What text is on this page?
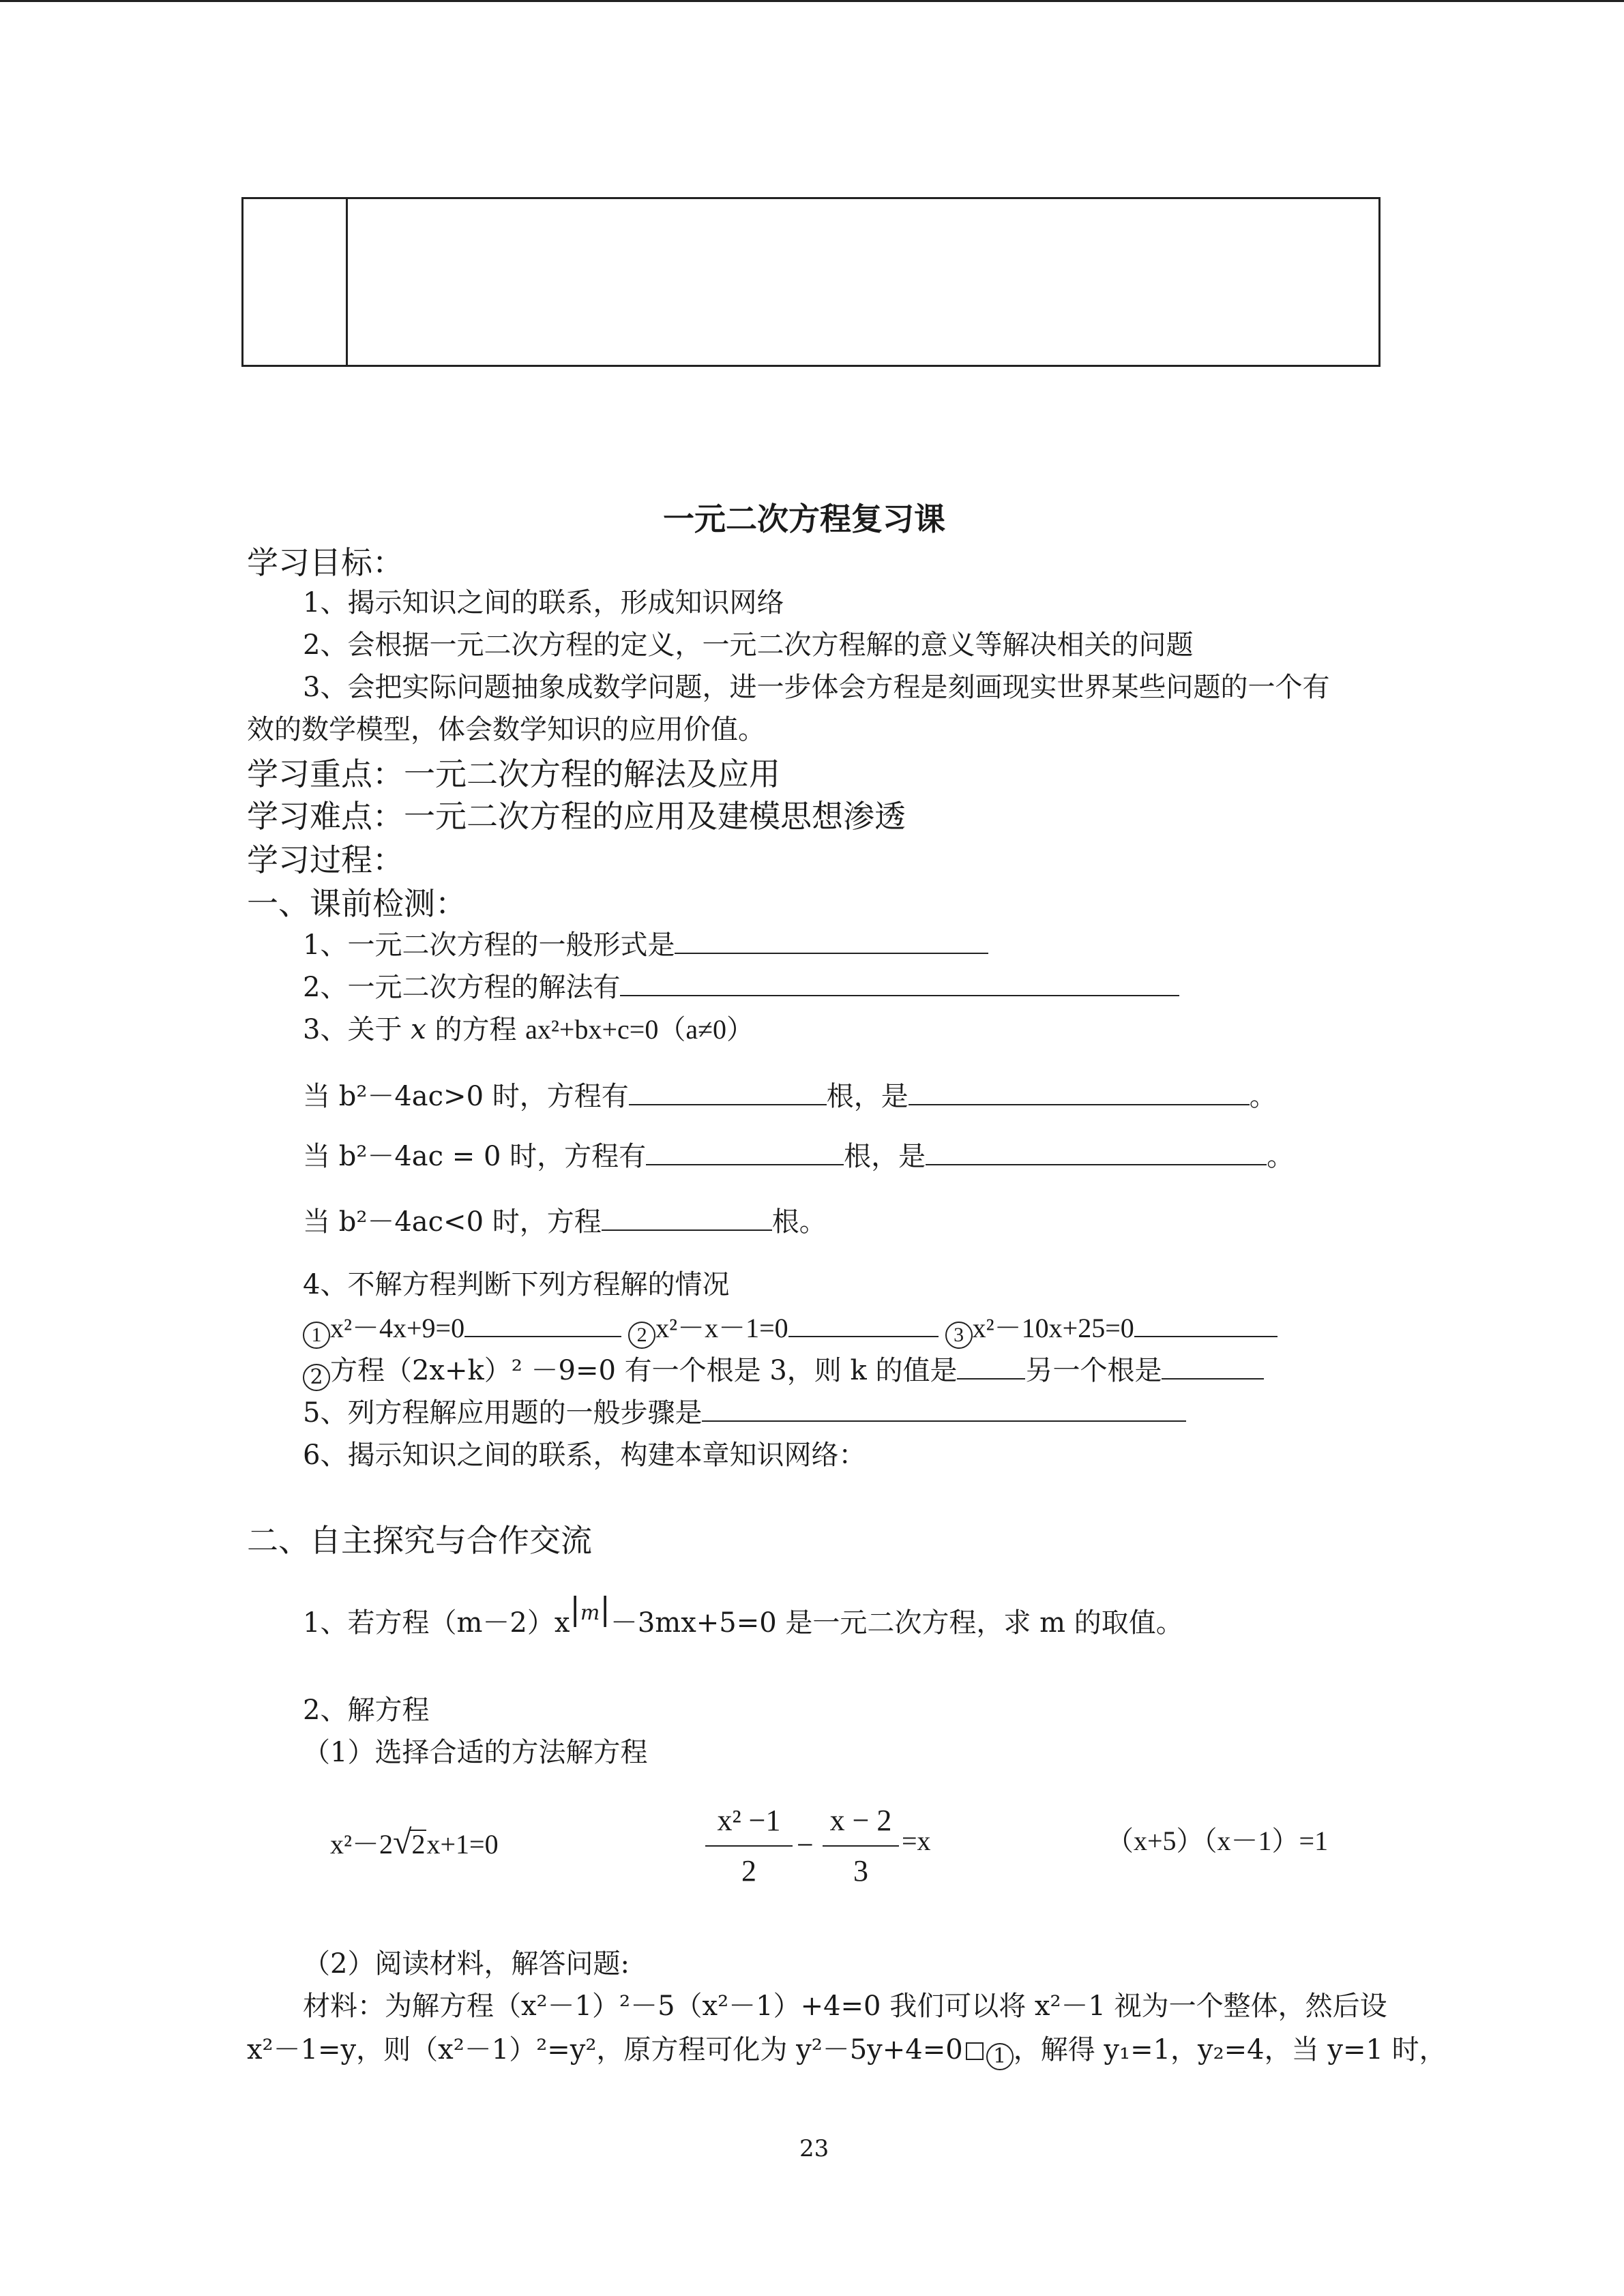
一元二次方程复习课
学习目标：
1、揭示知识之间的联系，形成知识网络
2、会根据一元二次方程的定义，一元二次方程解的意义等解决相关的问题
3、会把实际问题抽象成数学问题，进一步体会方程是刻画现实世界某些问题的一个有
效的数学模型，体会数学知识的应用价值。
学习重点：一元二次方程的解法及应用
学习难点：一元二次方程的应用及建模思想渗透
学习过程：
一、课前检测：
1、一元二次方程的一般形式是
2、一元二次方程的解法有
3、关于 x 的方程 ax²+bx+c=0（a≠0）
当 b²－4ac>0 时，方程有	根，是	。
当 b²－4ac = 0 时，方程有	根，是	。
当 b²－4ac<0 时，方程	根。
4、不解方程判断下列方程解的情况
1 x²－4x+9=0	2 x²－x－1=0	3 x²－10x+25=0
2 方程（2x+k）² －9=0 有一个根是 3，则 k 的值是	另一个根是
5、列方程解应用题的一般步骤是
6、揭示知识之间的联系，构建本章知识网络：
二、自主探究与合作交流
1、若方程（m－2）x|m|－3mx+5=0 是一元二次方程，求 m 的取值。
2、解方程
（1）选择合适的方法解方程
x²－2√2x+1=0
x² −1
2
−
x − 2
3
=x	（x+5）（x－1）=1
（2）阅读材料，解答问题:
材料：为解方程（x²－1）²－5（x²－1）+4=0 我们可以将 x²－1 视为一个整体，然后设
x²－1=y，则（x²－1）²=y²，原方程可化为 y²－5y+4=0 1 ，解得 y₁=1，y₂=4，当 y=1 时，
23
